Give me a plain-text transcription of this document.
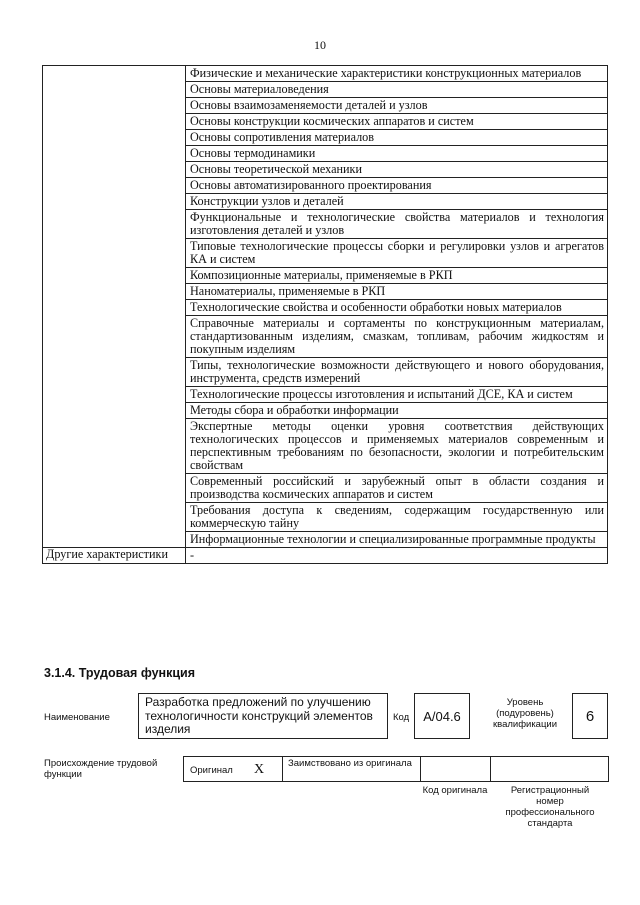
10
	Физические и механические характеристики конструкционных материалов
	Основы материаловедения
	Основы взаимозаменяемости деталей и узлов
	Основы конструкции космических аппаратов и систем
	Основы сопротивления материалов
	Основы термодинамики
	Основы теоретической механики
	Основы автоматизированного проектирования
	Конструкции узлов и деталей
	Функциональные и технологические свойства материалов и технология изготовления деталей и узлов
	Типовые технологические процессы сборки и регулировки узлов и агрегатов КА и систем
	Композиционные материалы, применяемые в РКП
	Наноматериалы, применяемые в РКП
	Технологические свойства и особенности обработки новых материалов
	Справочные материалы и сортаменты по конструкционным материалам, стандартизованным изделиям, смазкам, топливам, рабочим жидкостям и покупным изделиям
	Типы, технологические возможности действующего и нового оборудования, инструмента, средств измерений
	Технологические процессы изготовления и испытаний ДСЕ, КА и систем
	Методы сбора и обработки информации
	Экспертные методы оценки уровня соответствия действующих технологических процессов и применяемых материалов современным и перспективным требованиям по безопасности, экологии и потребительским свойствам
	Современный российский и зарубежный опыт в области создания и производства космических аппаратов и систем
	Требования доступа к сведениям, содержащим государственную или коммерческую тайну
	Информационные технологии и специализированные программные продукты
Другие характеристики	-
3.1.4. Трудовая функция
Наименование
Разработка предложений по улучшению технологичности конструкций элементов изделия
Код	A/04.6
Уровень (подуровень) квалификации	6
Происхождение трудовой функции	Оригинал X	Заимствовано из оригинала
Код оригинала	Регистрационный номер профессионального стандарта
